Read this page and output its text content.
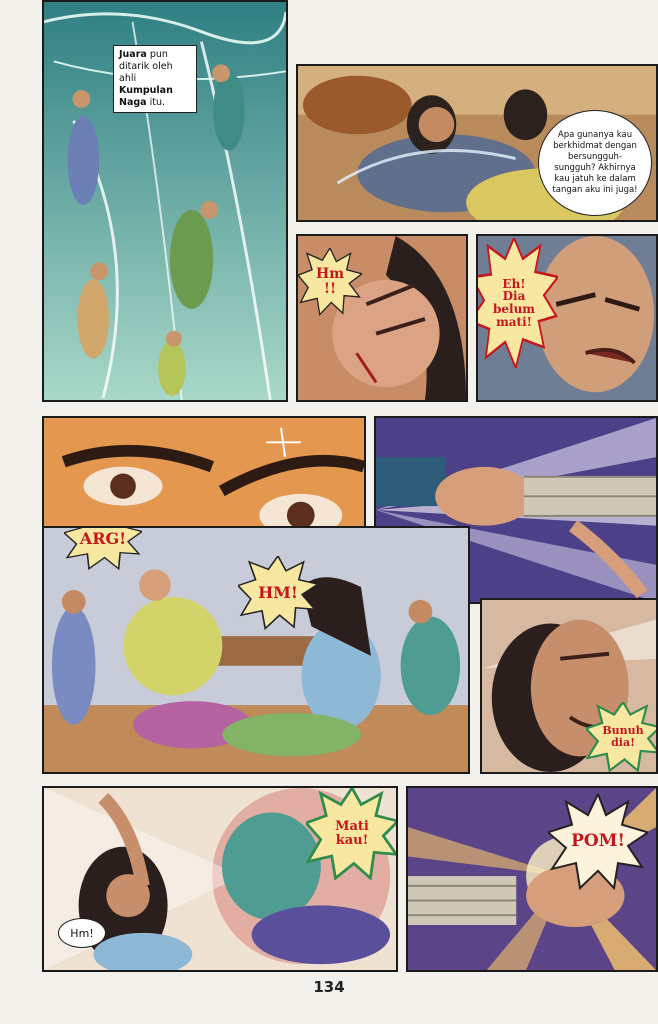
Juara pun ditarik oleh ahli Kumpulan Naga itu.
Apa gunanya kau berkhidmat dengan bersungguh-sungguh? Akhirnya kau jatuh ke dalam tangan aku ini juga!
Hm
!!	Eh!
Dia
belum
mati!
ARG!
HM!
Bunuh
dia!
Mati
kau!
Hm!
POM!
134
